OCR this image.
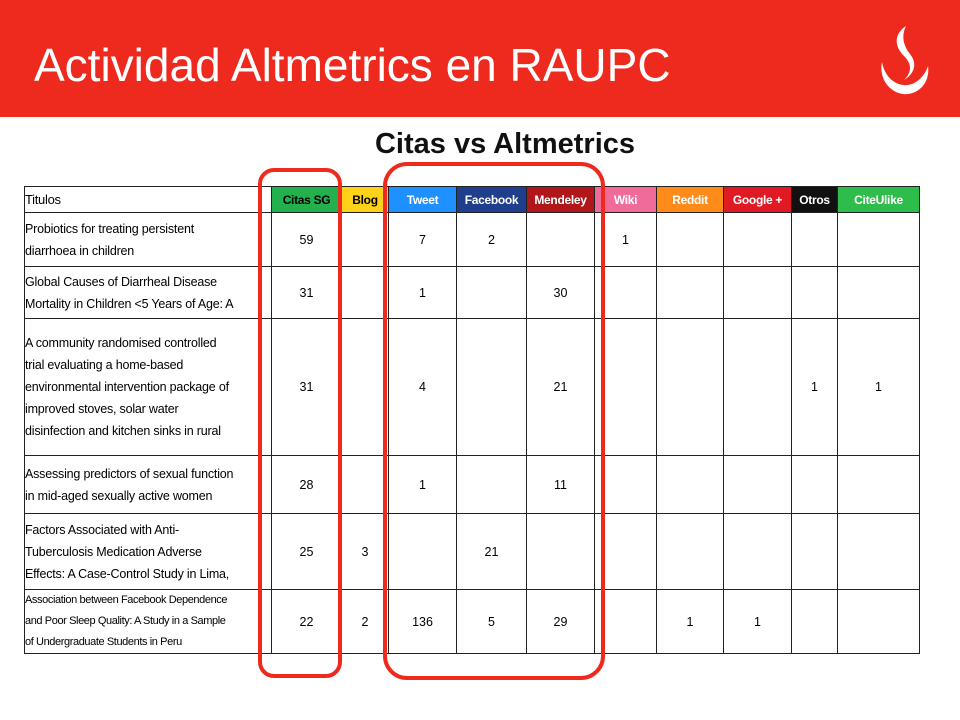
Actividad Altmetrics en RAUPC
Citas vs Altmetrics
Titulos	Citas SG	Blog	Tweet	Facebook	Mendeley	Wiki	Reddit	Google +	Otros	CiteUlike

Probiotics for treating persistent
diarrhoea in children	59		7	2		1				

Global Causes of Diarrheal Disease
Mortality in Children <5 Years of Age: A	31		1		30					

A community randomised controlled
trial evaluating a home-based
environmental intervention package of
improved stoves, solar water
disinfection and kitchen sinks in rural	31		4		21				1	1

Assessing predictors of sexual function
in mid-aged sexually active women	28		1		11					

Factors Associated with Anti-
Tuberculosis Medication Adverse
Effects: A Case-Control Study in Lima,	25	3		21						

Association between Facebook Dependence
and Poor Sleep Quality: A Study in a Sample
of Undergraduate Students in Peru	22	2	136	5	29		1	1		
